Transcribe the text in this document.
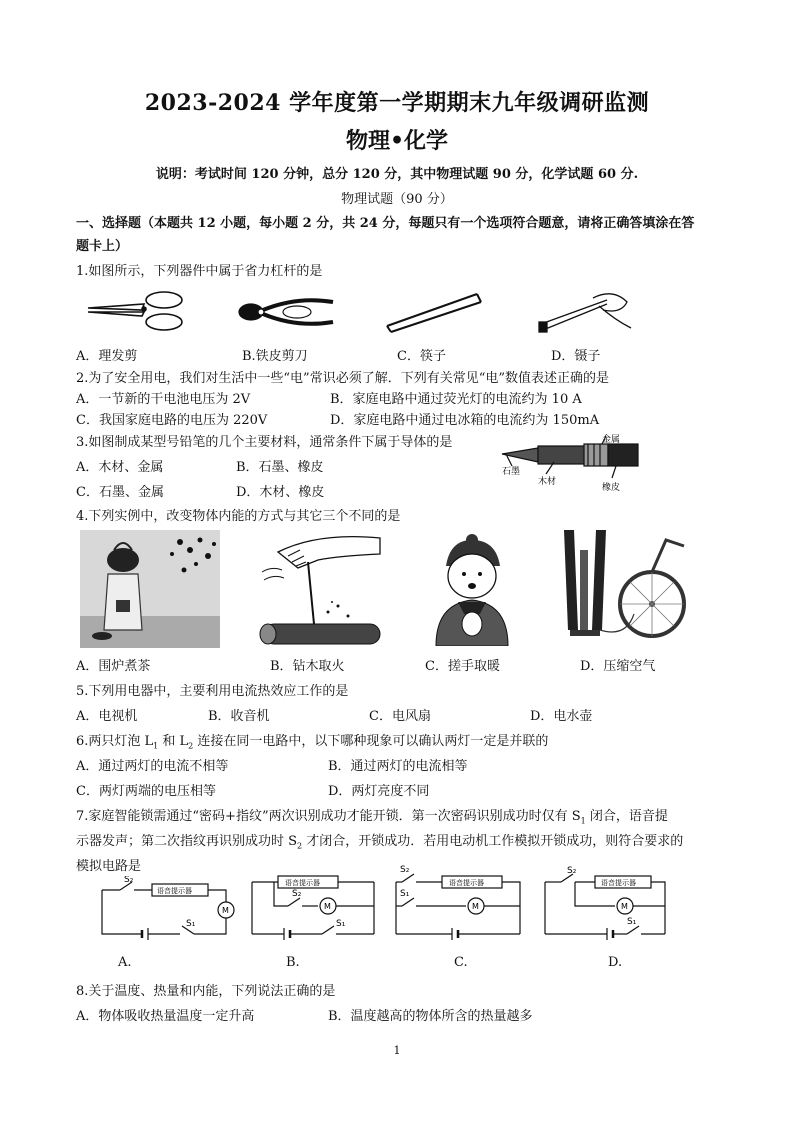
2023-2024 学年度第一学期期末九年级调研监测
物理•化学
说明：考试时间 120 分钟，总分 120 分，其中物理试题 90 分，化学试题 60 分.
物理试题（90 分）
一、选择题（本题共 12 小题，每小题 2 分，共 24 分，每题只有一个选项符合题意，请将正确答填涂在答
题卡上）
1.如图所示，下列器件中属于省力杠杆的是
A．理发剪	B.铁皮剪刀	C．筷子	D．镊子
2.为了安全用电，我们对生活中一些“电”常识必须了解．下列有关常见“电”数值表述正确的是
A．一节新的干电池电压为 2V	B．家庭电路中通过荧光灯的电流约为 10 A
C．我国家庭电路的电压为 220V	D．家庭电路中通过电冰箱的电流约为 150mA
3.如图制成某型号铅笔的几个主要材料，通常条件下属于导体的是
A．木材、金属	B．石墨、橡皮
C．石墨、金属	D．木材、橡皮
石墨
木材
金属
橡皮
4.下列实例中，改变物体内能的方式与其它三个不同的是
A．围炉煮茶	B．钻木取火	C．搓手取暖	D．压缩空气
5.下列用电器中，主要利用电流热效应工作的是
A．电视机	B．收音机	C．电风扇	D．电水壶
6.两只灯泡 $L_1$ 和 $L_2$ 连接在同一电路中，以下哪种现象可以确认两灯一定是并联的
A．通过两灯的电流不相等	B．通过两灯的电流相等
C．两灯两端的电压相等	D．两灯亮度不同
7.家庭智能锁需通过“密码+指纹”两次识别成功才能开锁．第一次密码识别成功时仅有 $S_1$ 闭合，语音提
示器发声；第二次指纹再识别成功时 $S_2$ 才闭合，开锁成功．若用电动机工作模拟开锁成功，则符合要求的
模拟电路是
S₂
S₁
语音提示器
M
S₂
S₁
语音提示器
M
S₂
S₁
语音提示器
M
S₂
S₁
语音提示器
M
A.	B.	C.	D.
8.关于温度、热量和内能，下列说法正确的是
A．物体吸收热量温度一定升高	B．温度越高的物体所含的热量越多
1
